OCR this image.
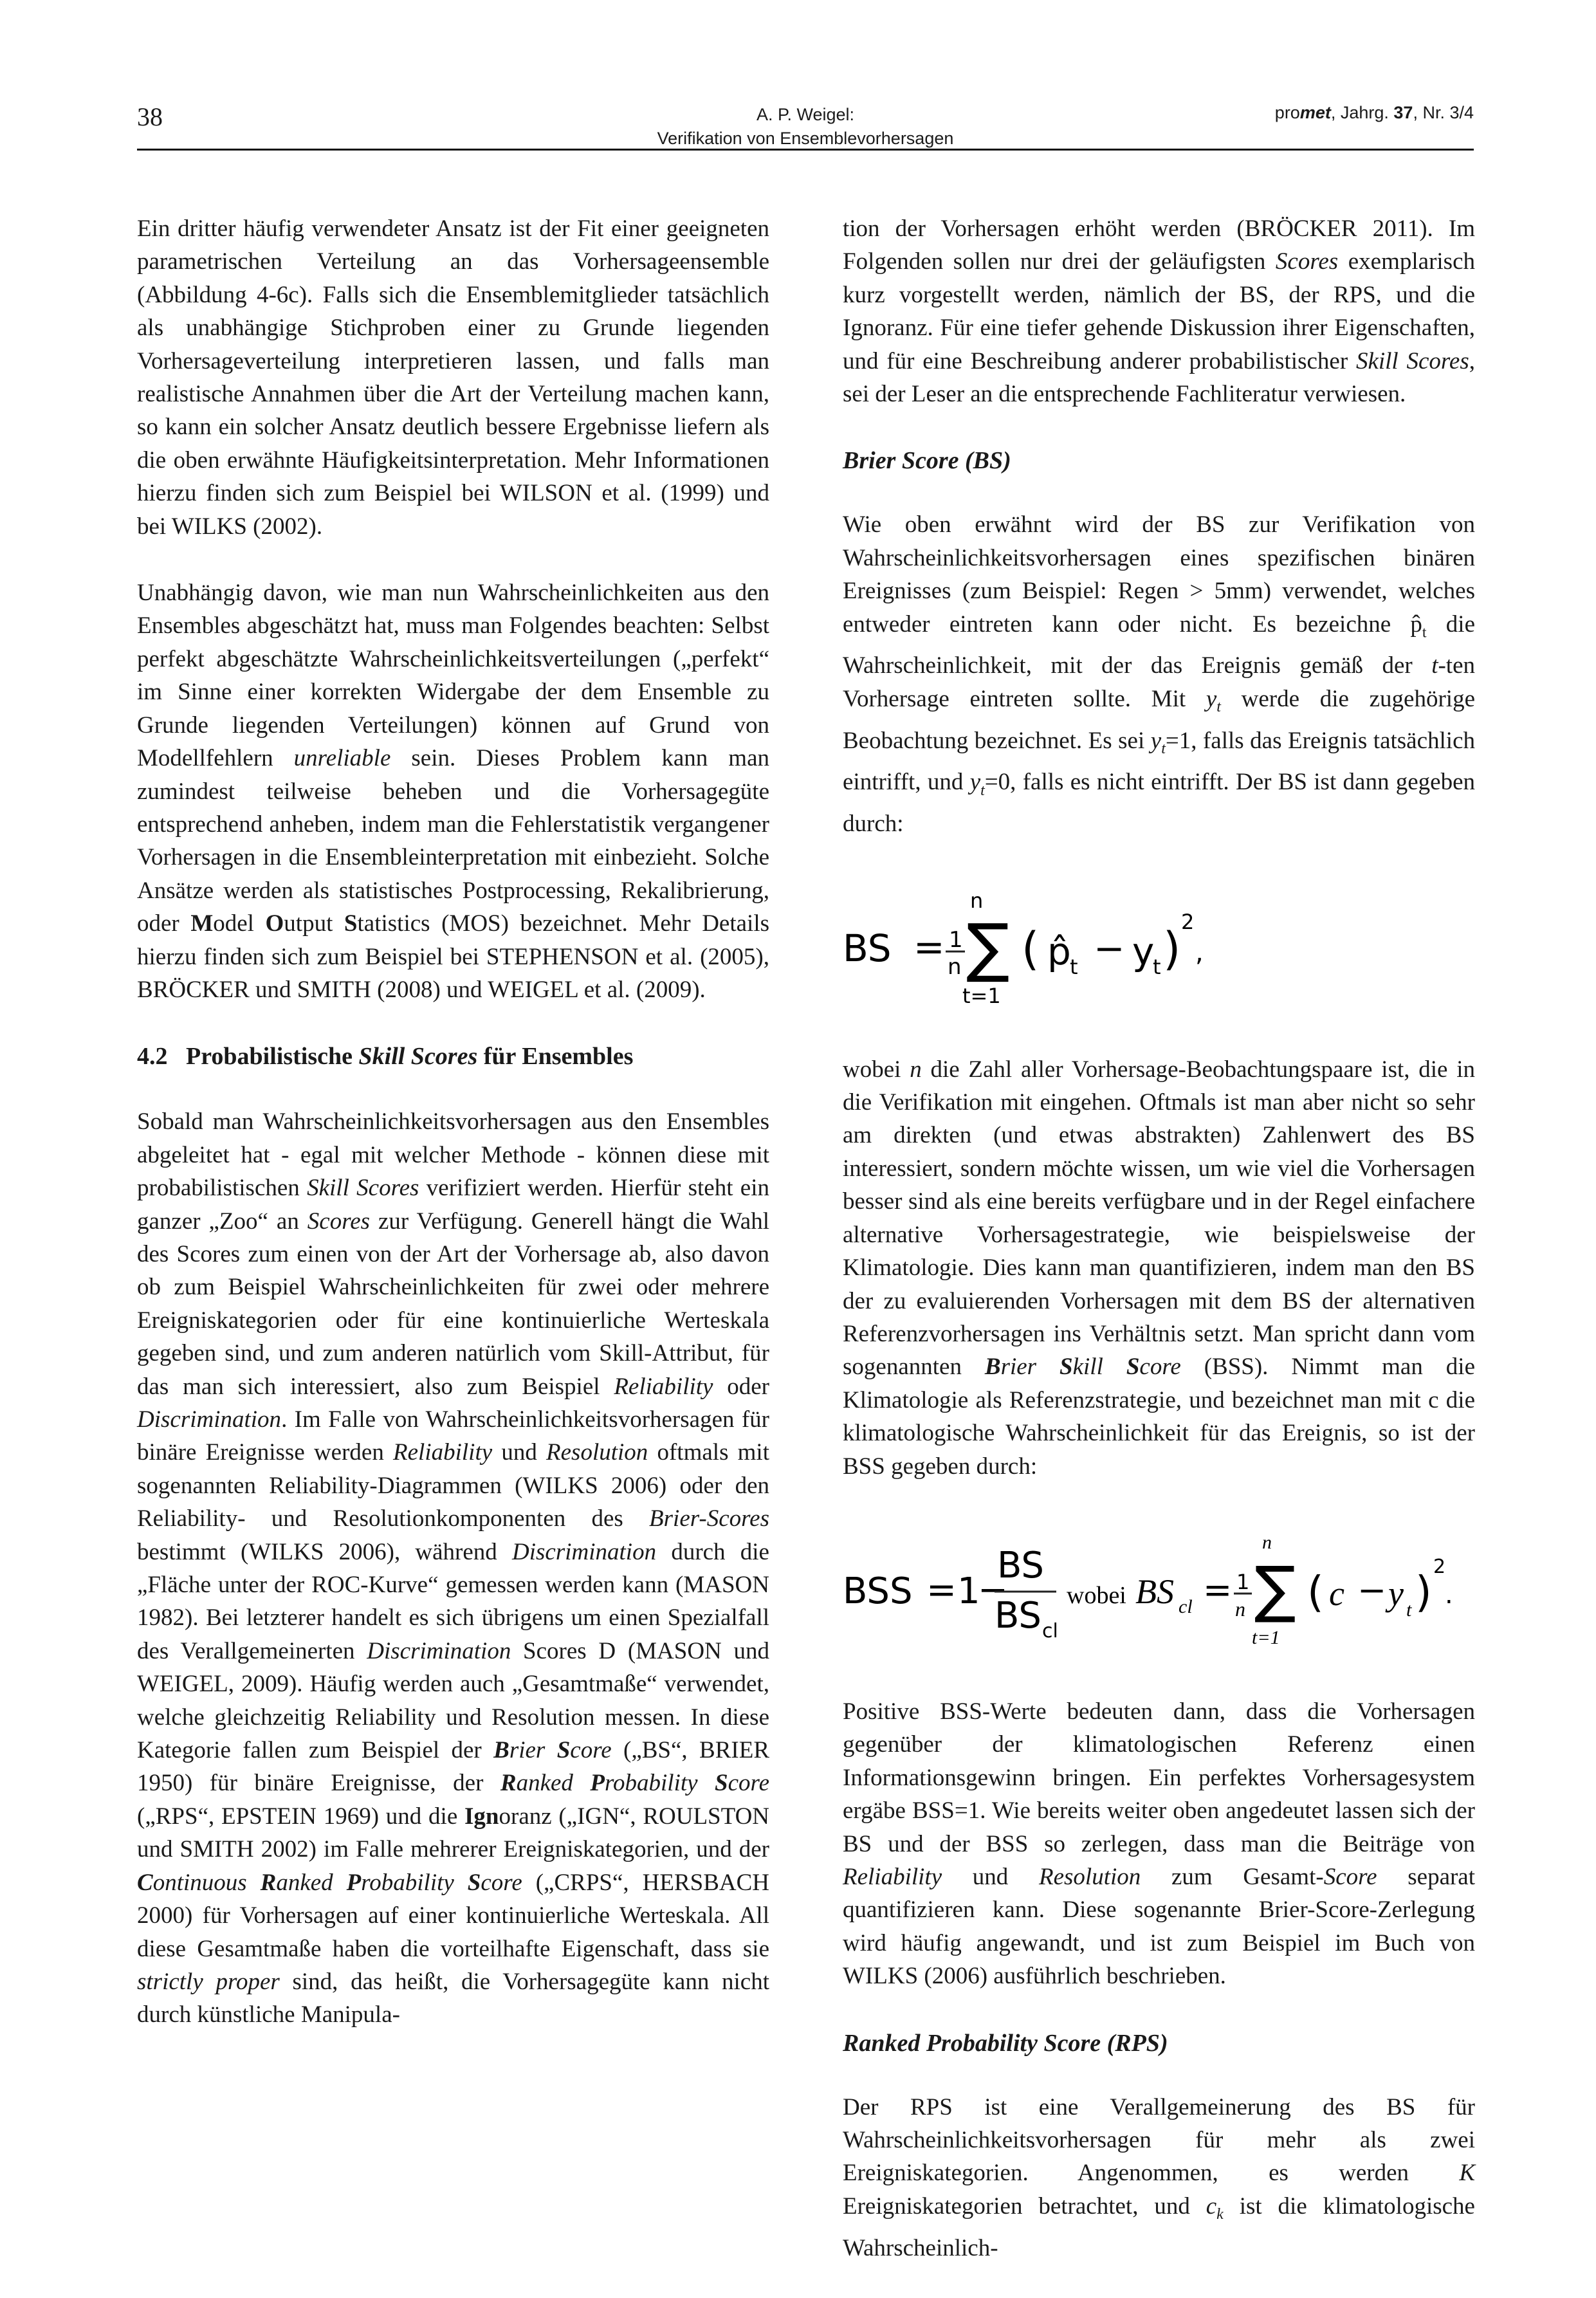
38	A. P. Weigel:
Verifikation von Ensemblevorhersagen
promet, Jahrg. 37, Nr. 3/4

Ein dritter häufig verwendeter Ansatz ist der Fit einer geeigneten parametrischen Verteilung an das Vorhersageensemble (Abbildung 4-6c). Falls sich die Ensemblemitglieder tatsächlich als unabhängige Stichproben einer zu Grunde liegenden Vorhersageverteilung interpretieren lassen, und falls man realistische Annahmen über die Art der Verteilung machen kann, so kann ein solcher Ansatz deutlich bessere Ergebnisse liefern als die oben erwähnte Häufigkeitsinterpretation. Mehr Informationen hierzu finden sich zum Beispiel bei WILSON et al. (1999) und bei WILKS (2002).

Unabhängig davon, wie man nun Wahrscheinlichkeiten aus den Ensembles abgeschätzt hat, muss man Folgendes beachten: Selbst perfekt abgeschätzte Wahrscheinlichkeitsverteilungen („perfekt“ im Sinne einer korrekten Widergabe der dem Ensemble zu Grunde liegenden Verteilungen) können auf Grund von Modellfehlern unreliable sein. Dieses Problem kann man zumindest teilweise beheben und die Vorhersagegüte entsprechend anheben, indem man die Fehlerstatistik vergangener Vorhersagen in die Ensembleinterpretation mit einbezieht. Solche Ansätze werden als statistisches Postprocessing, Rekalibrierung, oder Model Output Statistics (MOS) bezeichnet. Mehr Details hierzu finden sich zum Beispiel bei STEPHENSON et al. (2005), BRÖCKER und SMITH (2008) und WEIGEL et al. (2009).

4.2 Probabilistische Skill Scores für Ensembles

Sobald man Wahrscheinlichkeitsvorhersagen aus den Ensembles abgeleitet hat - egal mit welcher Methode - können diese mit probabilistischen Skill Scores verifiziert werden. Hierfür steht ein ganzer „Zoo“ an Scores zur Verfügung. Generell hängt die Wahl des Scores zum einen von der Art der Vorhersage ab, also davon ob zum Beispiel Wahrscheinlichkeiten für zwei oder mehrere Ereigniskategorien oder für eine kontinuierliche Werteskala gegeben sind, und zum anderen natürlich vom Skill-Attribut, für das man sich interessiert, also zum Beispiel Reliability oder Discrimination. Im Falle von Wahrscheinlichkeitsvorhersagen für binäre Ereignisse werden Reliability und Resolution oftmals mit sogenannten Reliability-Diagrammen (WILKS 2006) oder den Reliability- und Resolutionkomponenten des Brier-Scores bestimmt (WILKS 2006), während Discrimination durch die „Fläche unter der ROC-Kurve“ gemessen werden kann (MASON 1982). Bei letzterer handelt es sich übrigens um einen Spezialfall des Verallgemeinerten Discrimination Scores D (MASON und WEIGEL, 2009). Häufig werden auch „Gesamtmaße“ verwendet, welche gleichzeitig Reliability und Resolution messen. In diese Kategorie fallen zum Beispiel der Brier Score („BS“, BRIER 1950) für binäre Ereignisse, der Ranked Probability Score („RPS“, EPSTEIN 1969) und die Ignoranz („IGN“, ROULSTON und SMITH 2002) im Falle mehrerer Ereigniskategorien, und der Continuous Ranked Probability Score („CRPS“, HERSBACH 2000) für Vorhersagen auf einer kontinuierliche Werteskala. All diese Gesamtmaße haben die vorteilhafte Eigenschaft, dass sie strictly proper sind, das heißt, die Vorhersagegüte kann nicht durch künstliche Manipula-

tion der Vorhersagen erhöht werden (BRÖCKER 2011). Im Folgenden sollen nur drei der geläufigsten Scores exemplarisch kurz vorgestellt werden, nämlich der BS, der RPS, und die Ignoranz. Für eine tiefer gehende Diskussion ihrer Eigenschaften, und für eine Beschreibung anderer probabilistischer Skill Scores, sei der Leser an die entsprechende Fachliteratur verwiesen.

Brier Score (BS)

Wie oben erwähnt wird der BS zur Verifikation von Wahrscheinlichkeitsvorhersagen eines spezifischen binären Ereignisses (zum Beispiel: Regen > 5mm) verwendet, welches entweder eintreten kann oder nicht. Es bezeichne $p̂_t$ die Wahrscheinlichkeit, mit der das Ereignis gemäß der t-ten Vorhersage eintreten sollte. Mit $y_t$ werde die zugehörige Beobachtung bezeichnet. Es sei $y_t=1$, falls das Ereignis tatsächlich eintrifft, und $y_t=0$, falls es nicht eintrifft. Der BS ist dann gegeben durch:

BS = 1
n
n
∑
t=1
( p̂
t − y
t )
2
,

wobei n die Zahl aller Vorhersage-Beobachtungspaare ist, die in die Verifikation mit eingehen. Oftmals ist man aber nicht so sehr am direkten (und etwas abstrakten) Zahlenwert des BS interessiert, sondern möchte wissen, um wie viel die Vorhersagen besser sind als eine bereits verfügbare und in der Regel einfachere alternative Vorhersagestrategie, wie beispielsweise der Klimatologie. Dies kann man quantifizieren, indem man den BS der zu evaluierenden Vorhersagen mit dem BS der alternativen Referenzvorhersagen ins Verhältnis setzt. Man spricht dann vom sogenannten Brier Skill Score (BSS). Nimmt man die Klimatologie als Referenzstrategie, und bezeichnet man mit c die klimatologische Wahrscheinlichkeit für das Ereignis, so ist der BSS gegeben durch:

BSS = 1
−
BS
BS cl
wobei BS cl = 1
n
n
∑
t=1
( c − y t )
2
.

Positive BSS-Werte bedeuten dann, dass die Vorhersagen gegenüber der klimatologischen Referenz einen Informationsgewinn bringen. Ein perfektes Vorhersagesystem ergäbe BSS=1. Wie bereits weiter oben angedeutet lassen sich der BS und der BSS so zerlegen, dass man die Beiträge von Reliability und Resolution zum Gesamt-Score separat quantifizieren kann. Diese sogenannte Brier-Score-Zerlegung wird häufig angewandt, und ist zum Beispiel im Buch von WILKS (2006) ausführlich beschrieben.

Ranked Probability Score (RPS)

Der RPS ist eine Verallgemeinerung des BS für Wahrscheinlichkeitsvorhersagen für mehr als zwei Ereigniskategorien. Angenommen, es werden K Ereigniskategorien betrachtet, und $c_k$ ist die klimatologische Wahrscheinlich-
